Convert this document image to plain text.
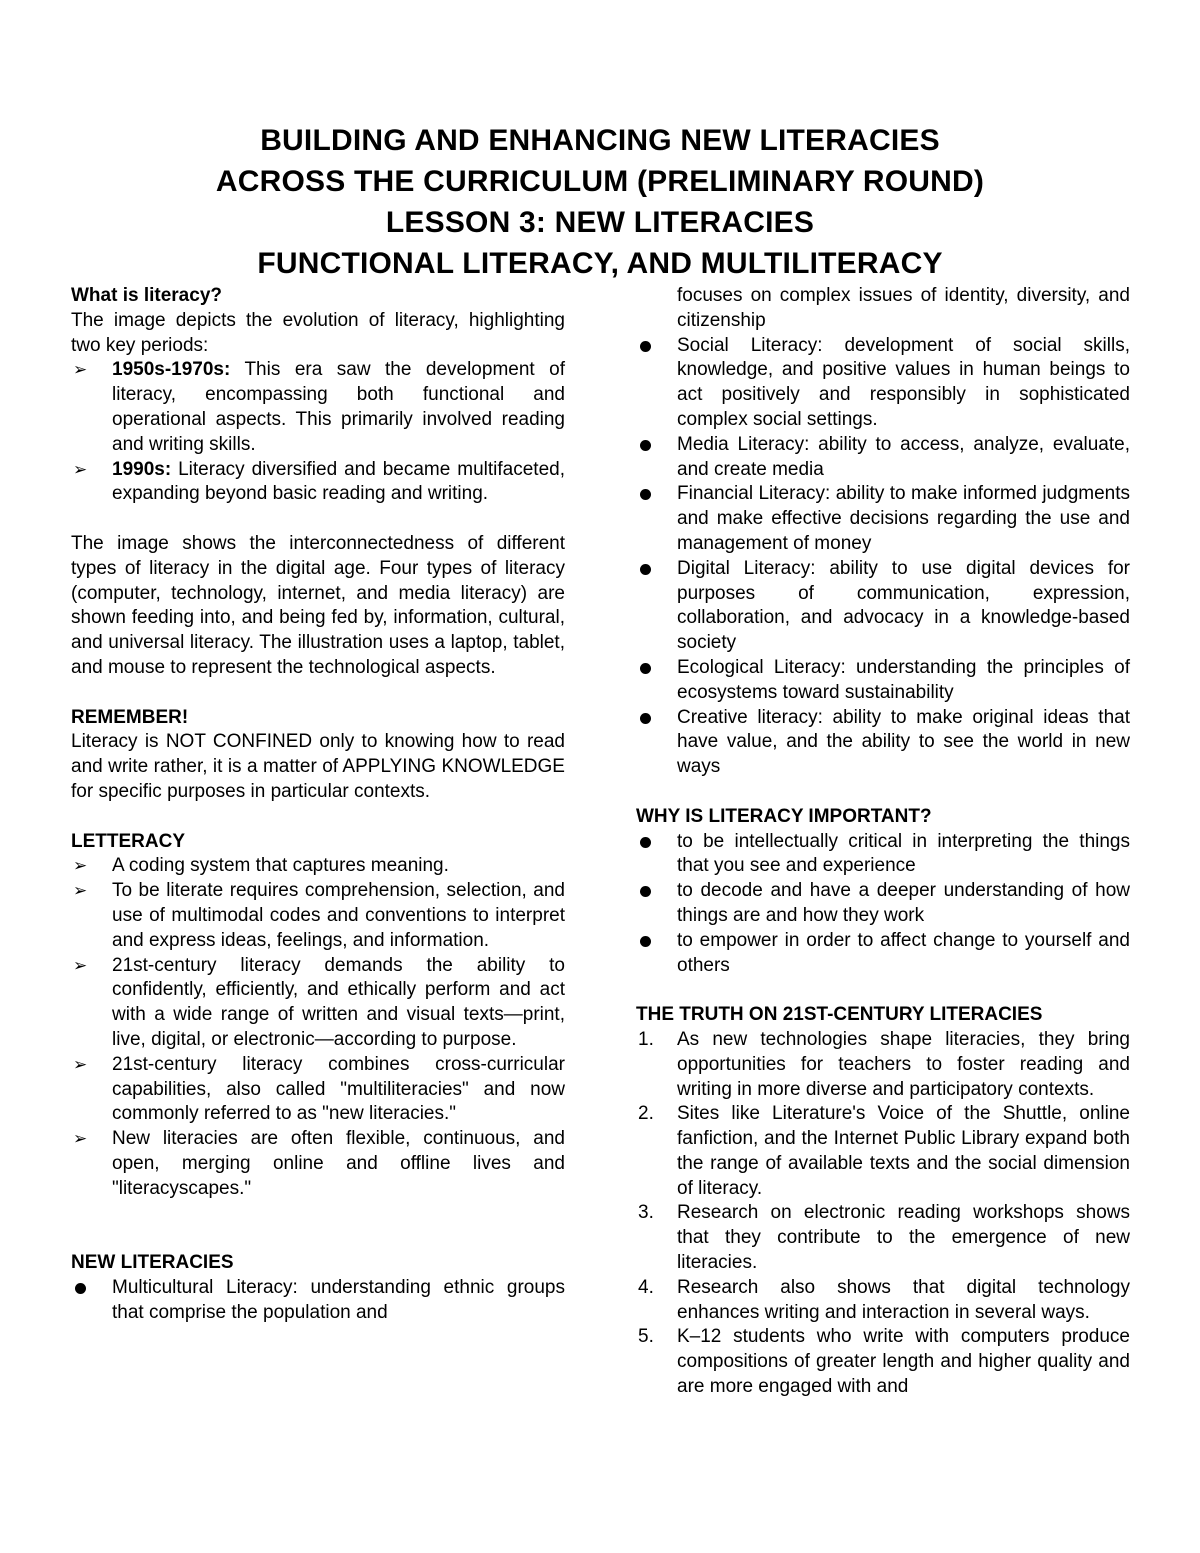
BUILDING AND ENHANCING NEW LITERACIES
ACROSS THE CURRICULUM (PRELIMINARY ROUND)
LESSON 3: NEW LITERACIES
FUNCTIONAL LITERACY, AND MULTILITERACY

What is literacy?

The image depicts the evolution of literacy, highlighting two key periods:

➢	1950s-1970s: This era saw the development of literacy, encompassing both functional and operational aspects. This primarily involved reading and writing skills.
➢	1990s: Literacy diversified and became multifaceted, expanding beyond basic reading and writing.

The image shows the interconnectedness of different types of literacy in the digital age. Four types of literacy (computer, technology, internet, and media literacy) are shown feeding into, and being fed by, information, cultural, and universal literacy. The illustration uses a laptop, tablet, and mouse to represent the technological aspects.

REMEMBER!

Literacy is NOT CONFINED only to knowing how to read and write rather, it is a matter of APPLYING KNOWLEDGE for specific purposes in particular contexts.

LETTERACY

➢	A coding system that captures meaning.
➢	To be literate requires comprehension, selection, and use of multimodal codes and conventions to interpret and express ideas, feelings, and information.
➢	21st-century literacy demands the ability to confidently, efficiently, and ethically perform and act with a wide range of written and visual texts—print, live, digital, or electronic—according to purpose.
➢	21st-century literacy combines cross-curricular capabilities, also called "multiliteracies" and now commonly referred to as "new literacies."
➢	New literacies are often flexible, continuous, and open, merging online and offline lives and "literacyscapes."

NEW LITERACIES

Multicultural Literacy: understanding ethnic groups that comprise the population and
focuses on complex issues of identity, diversity, and citizenship
Social Literacy: development of social skills, knowledge, and positive values in human beings to act positively and responsibly in sophisticated complex social settings.
Media Literacy: ability to access, analyze, evaluate, and create media
Financial Literacy: ability to make informed judgments and make effective decisions regarding the use and management of money
Digital Literacy: ability to use digital devices for purposes of communication, expression, collaboration, and advocacy in a knowledge-based society
Ecological Literacy: understanding the principles of ecosystems toward sustainability
Creative literacy: ability to make original ideas that have value, and the ability to see the world in new ways

WHY IS LITERACY IMPORTANT?

to be intellectually critical in interpreting the things that you see and experience
to decode and have a deeper understanding of how things are and how they work
to empower in order to affect change to yourself and others

THE TRUTH ON 21ST-CENTURY LITERACIES

1.	As new technologies shape literacies, they bring opportunities for teachers to foster reading and writing in more diverse and participatory contexts.
2.	Sites like Literature's Voice of the Shuttle, online fanfiction, and the Internet Public Library expand both the range of available texts and the social dimension of literacy.
3.	Research on electronic reading workshops shows that they contribute to the emergence of new literacies.
4.	Research also shows that digital technology enhances writing and interaction in several ways.
5.	K–12 students who write with computers produce compositions of greater length and higher quality and are more engaged with and
